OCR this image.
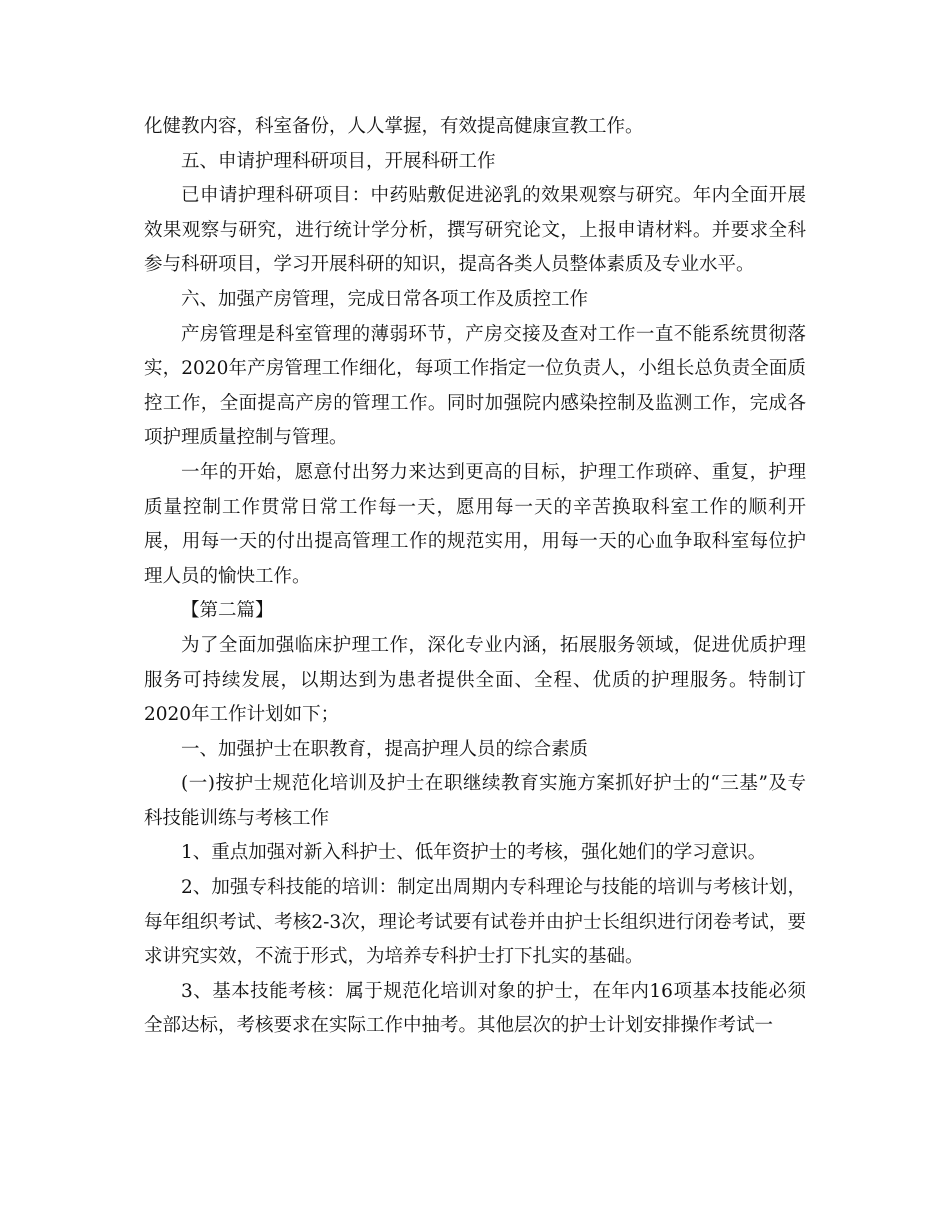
化健教内容，科室备份，人人掌握，有效提高健康宣教工作。

五、申请护理科研项目，开展科研工作

已申请护理科研项目：中药贴敷促进泌乳的效果观察与研究。年内全面开展效果观察与研究，进行统计学分析，撰写研究论文，上报申请材料。并要求全科参与科研项目，学习开展科研的知识，提高各类人员整体素质及专业水平。

六、加强产房管理，完成日常各项工作及质控工作

产房管理是科室管理的薄弱环节，产房交接及查对工作一直不能系统贯彻落实，2020年产房管理工作细化，每项工作指定一位负责人，小组长总负责全面质控工作，全面提高产房的管理工作。同时加强院内感染控制及监测工作，完成各项护理质量控制与管理。

一年的开始，愿意付出努力来达到更高的目标，护理工作琐碎、重复，护理质量控制工作贯常日常工作每一天，愿用每一天的辛苦换取科室工作的顺利开展，用每一天的付出提高管理工作的规范实用，用每一天的心血争取科室每位护理人员的愉快工作。

【第二篇】

为了全面加强临床护理工作，深化专业内涵，拓展服务领域，促进优质护理服务可持续发展，以期达到为患者提供全面、全程、优质的护理服务。特制订2020年工作计划如下；

一、加强护士在职教育，提高护理人员的综合素质

(一)按护士规范化培训及护士在职继续教育实施方案抓好护士的“三基”及专科技能训练与考核工作

1、重点加强对新入科护士、低年资护士的考核，强化她们的学习意识。

2、加强专科技能的培训：制定出周期内专科理论与技能的培训与考核计划，每年组织考试、考核2-3次，理论考试要有试卷并由护士长组织进行闭卷考试，要求讲究实效，不流于形式，为培养专科护士打下扎实的基础。

3、基本技能考核：属于规范化培训对象的护士，在年内16项基本技能必须全部达标，考核要求在实际工作中抽考。其他层次的护士计划安排操作考试一
